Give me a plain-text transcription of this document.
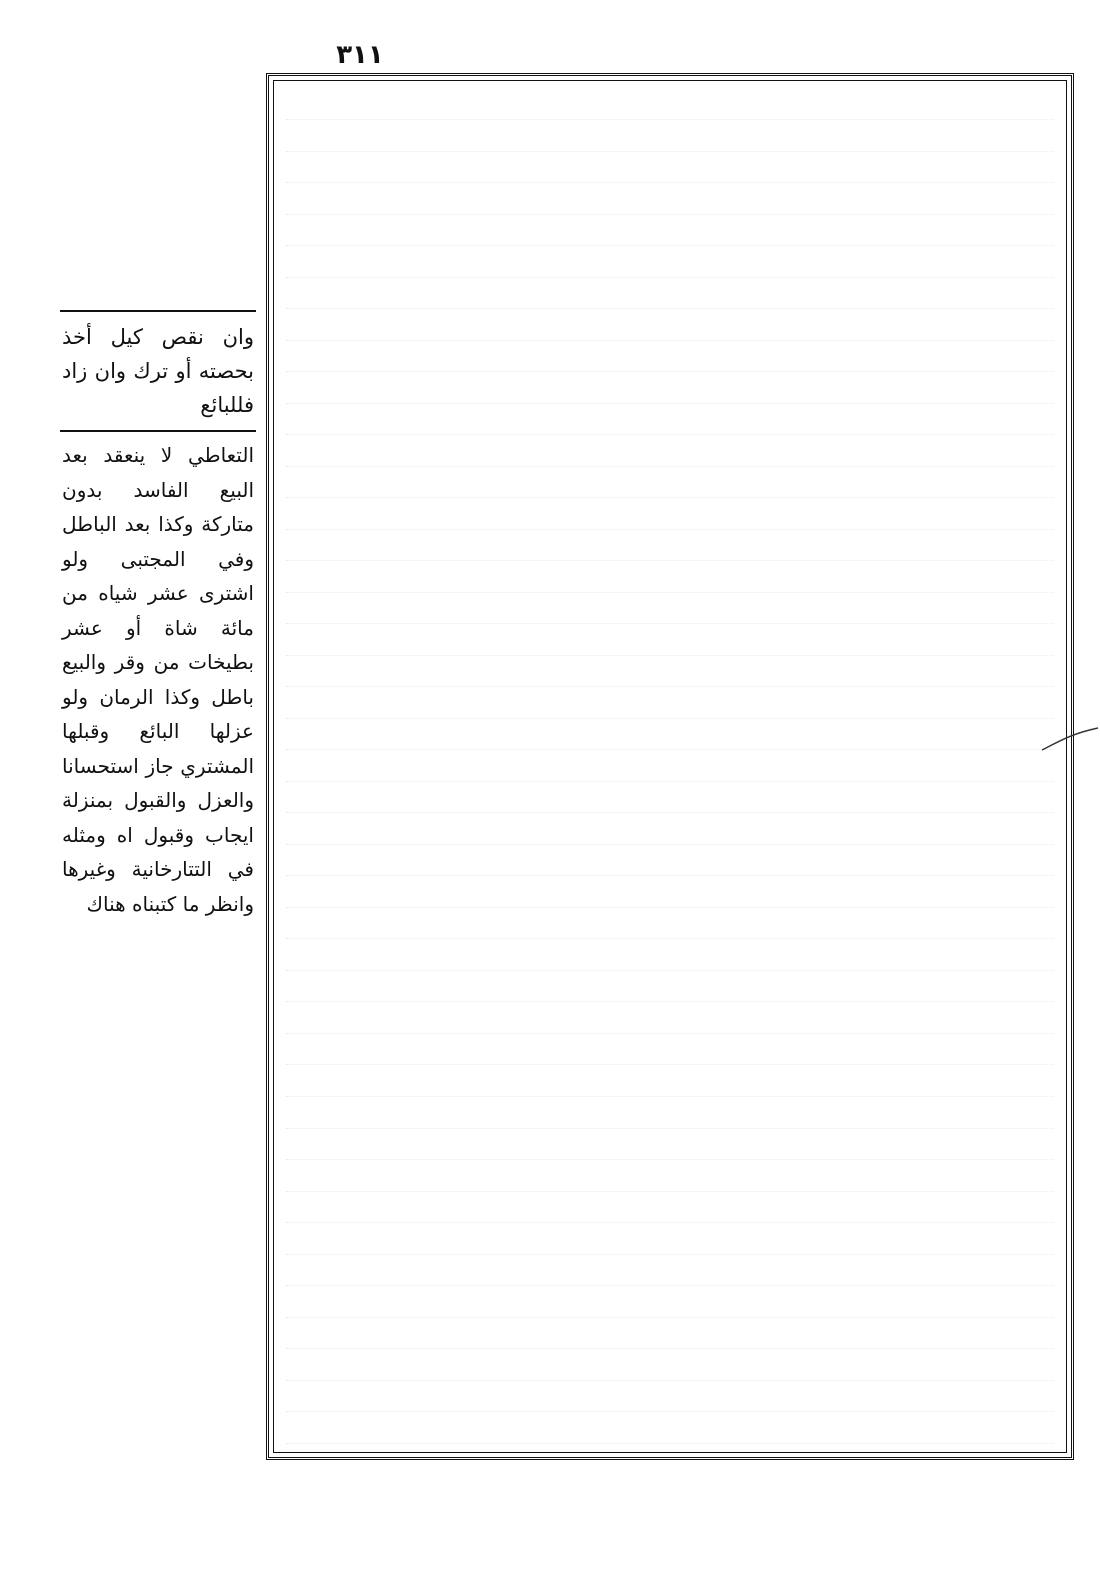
٣١١
وان نقص كيل أخذ بحصته أو ترك وان زاد فللبائع
التعاطي لا ينعقد بعد البيع الفاسد بدون متاركة وكذا بعد الباطل وفي المجتبى ولو اشترى عشر شياه من مائة شاة أو عشر بطيخات من وقر والبيع باطل وكذا الرمان ولو عزلها البائع وقبلها المشتري جاز استحسانا والعزل والقبول بمنزلة ايجاب وقبول اه ومثله في التتارخانية وغيرها وانظر ما كتبناه هناك
